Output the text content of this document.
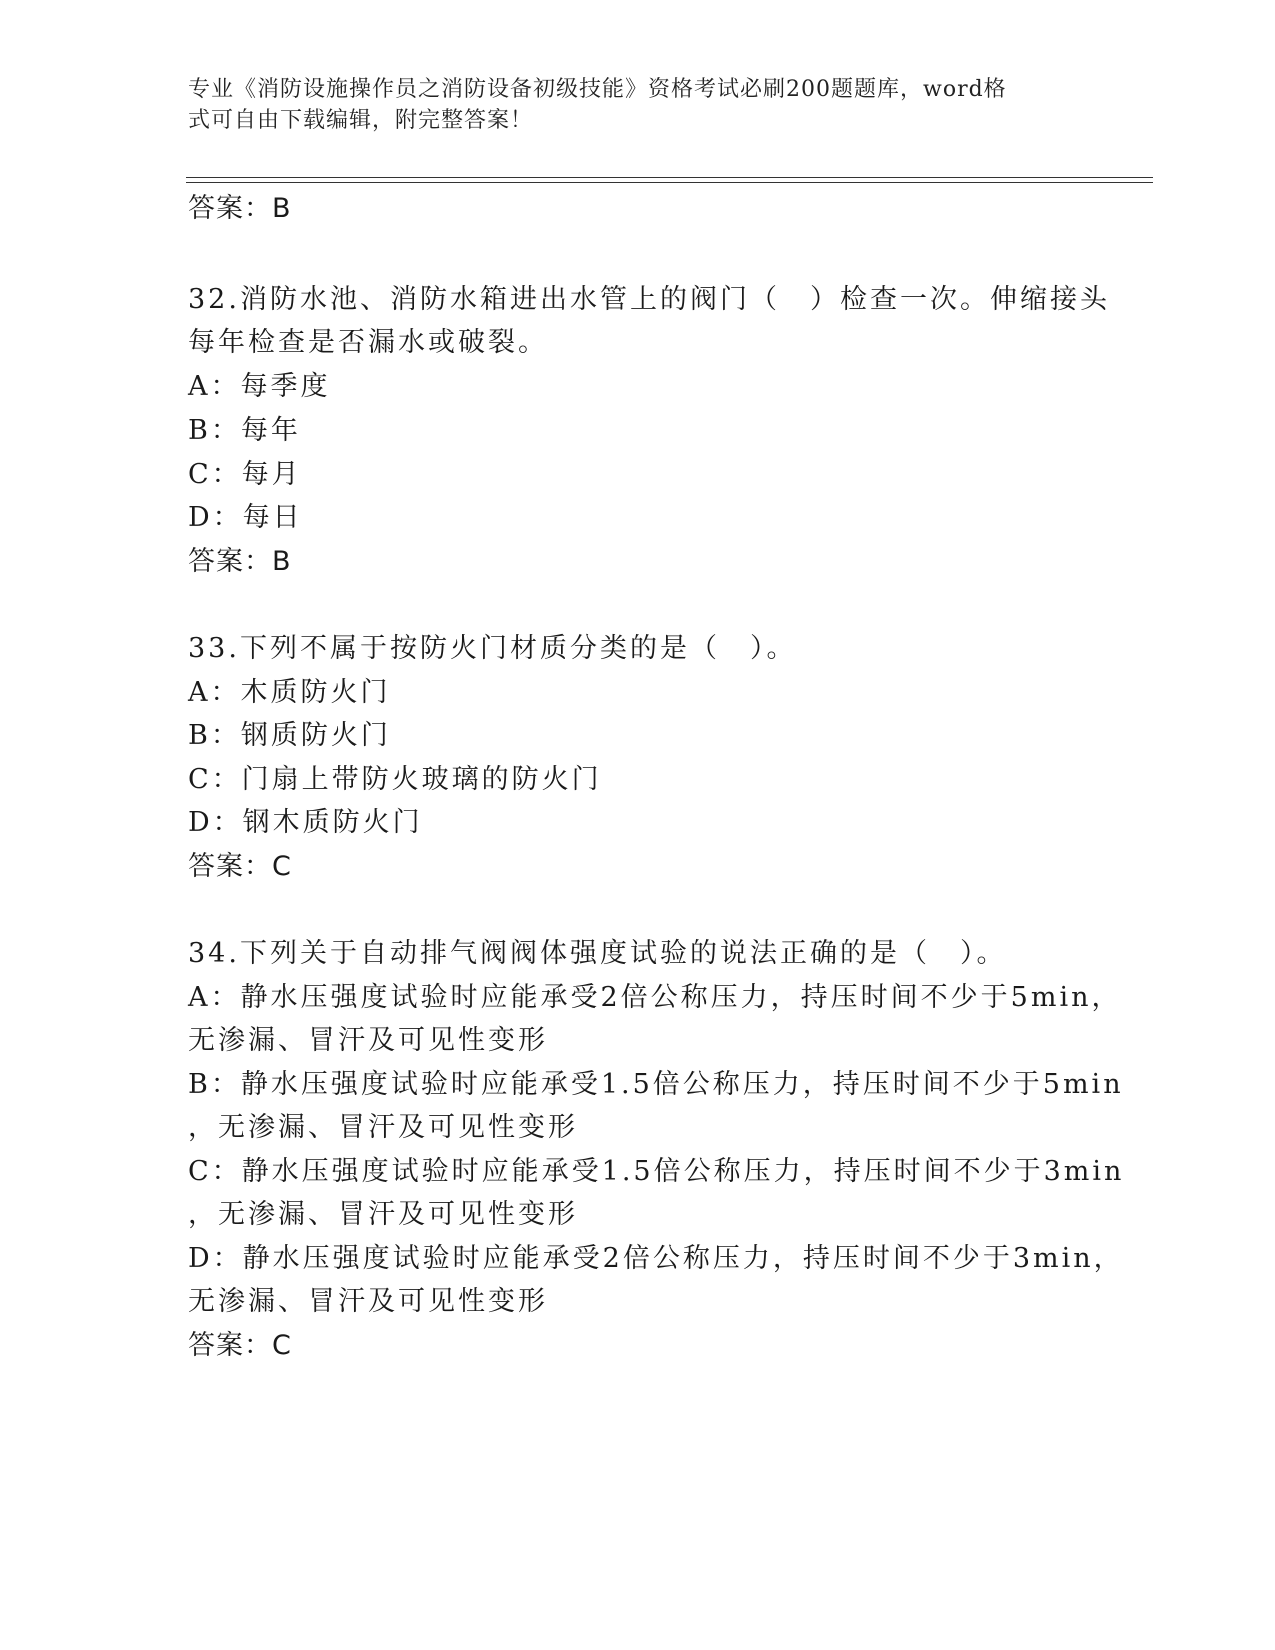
专业《消防设施操作员之消防设备初级技能》资格考试必刷200题题库，word格
式可自由下载编辑，附完整答案！
答案：B
32.消防水池、消防水箱进出水管上的阀门（　）检查一次。伸缩接头
每年检查是否漏水或破裂。
A：每季度
B：每年
C：每月
D：每日
答案：B
33.下列不属于按防火门材质分类的是（　）。
A：木质防火门
B：钢质防火门
C：门扇上带防火玻璃的防火门
D：钢木质防火门
答案：C
34.下列关于自动排气阀阀体强度试验的说法正确的是（　）。
A：静水压强度试验时应能承受2倍公称压力，持压时间不少于5min，
无渗漏、冒汗及可见性变形
B：静水压强度试验时应能承受1.5倍公称压力，持压时间不少于5min
，无渗漏、冒汗及可见性变形
C：静水压强度试验时应能承受1.5倍公称压力，持压时间不少于3min
，无渗漏、冒汗及可见性变形
D：静水压强度试验时应能承受2倍公称压力，持压时间不少于3min，
无渗漏、冒汗及可见性变形
答案：C
